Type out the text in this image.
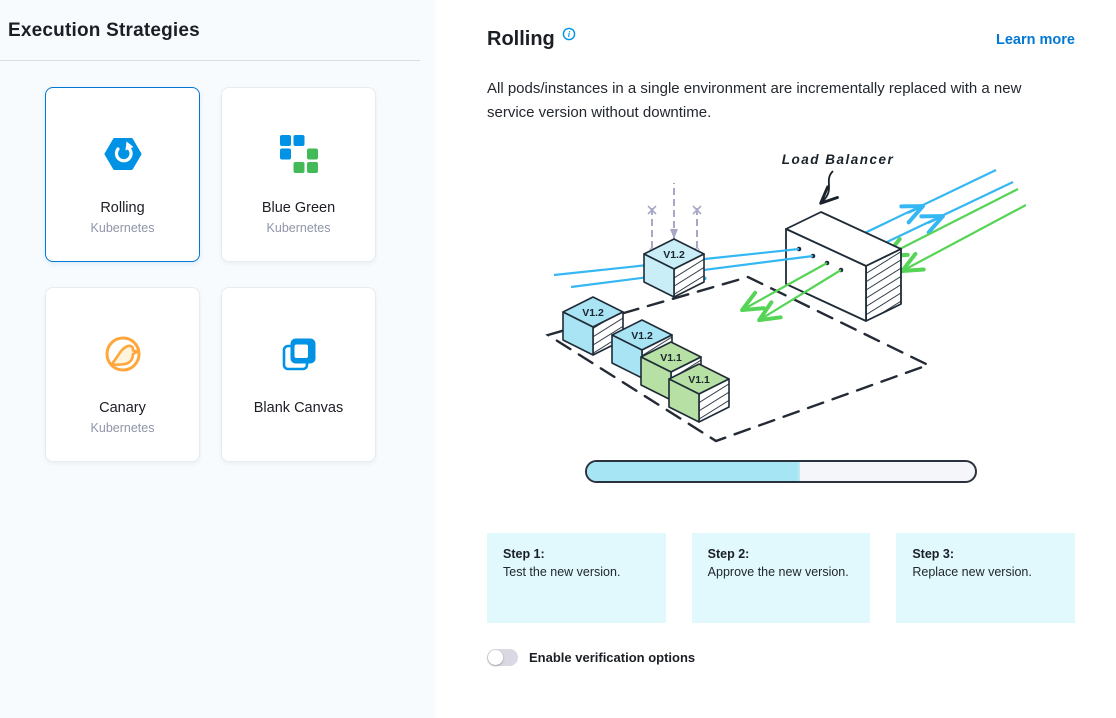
Execution Strategies
Rolling
Kubernetes
Blue Green
Kubernetes
Canary
Kubernetes
Blank Canvas
Rolling i	Learn more
All pods/instances in a single environment are incrementally replaced with a new service version without downtime.
Load Balancer
V1.2
V1.2
V1.2
V1.1
V1.1
Step 1:
Test the new version.
Step 2:
Approve the new version.
Step 3:
Replace new version.
Enable verification options
